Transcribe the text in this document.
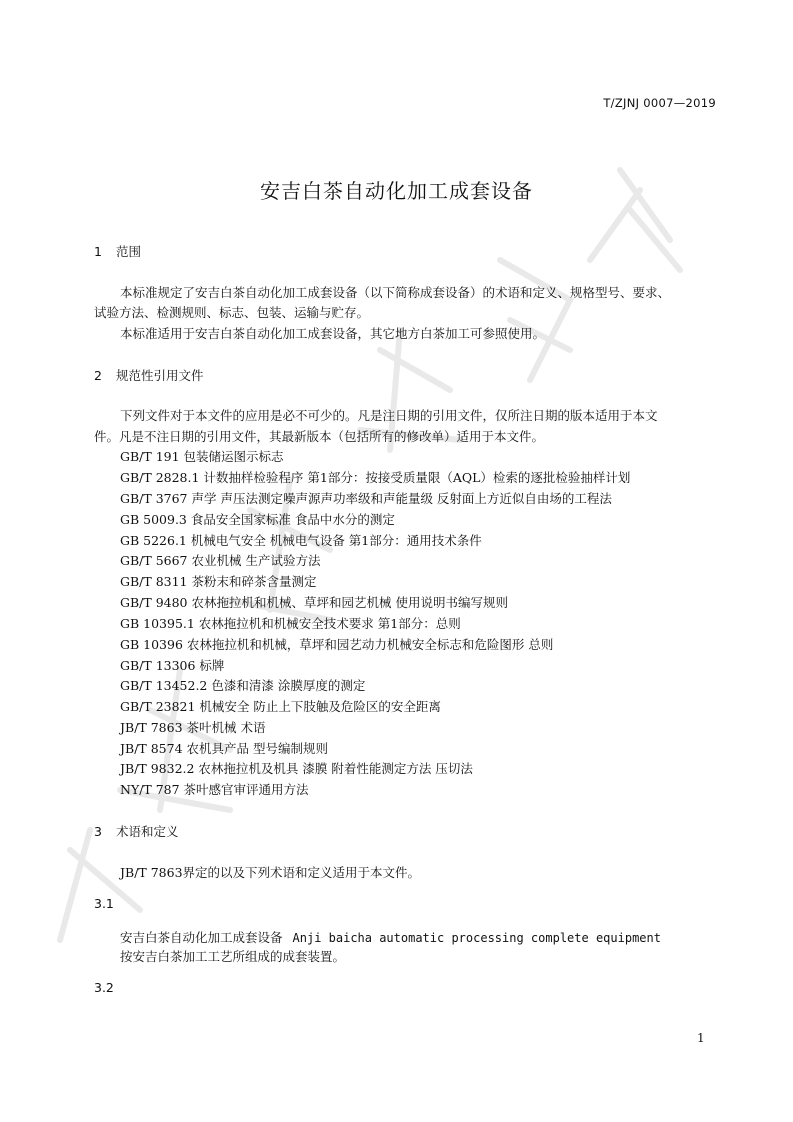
T/ZJNJ 0007—2019
安吉白茶自动化加工成套设备
1 范围
本标准规定了安吉白茶自动化加工成套设备（以下简称成套设备）的术语和定义、规格型号、要求、
试验方法、检测规则、标志、包装、运输与贮存。
本标准适用于安吉白茶自动化加工成套设备，其它地方白茶加工可参照使用。
2 规范性引用文件
下列文件对于本文件的应用是必不可少的。凡是注日期的引用文件，仅所注日期的版本适用于本文
件。凡是不注日期的引用文件，其最新版本（包括所有的修改单）适用于本文件。
GB/T 191 包装储运图示标志
GB/T 2828.1 计数抽样检验程序 第1部分：按接受质量限（AQL）检索的逐批检验抽样计划
GB/T 3767 声学 声压法测定噪声源声功率级和声能量级 反射面上方近似自由场的工程法
GB 5009.3 食品安全国家标准 食品中水分的测定
GB 5226.1 机械电气安全 机械电气设备 第1部分：通用技术条件
GB/T 5667 农业机械 生产试验方法
GB/T 8311 茶粉末和碎茶含量测定
GB/T 9480 农林拖拉机和机械、草坪和园艺机械 使用说明书编写规则
GB 10395.1 农林拖拉机和机械安全技术要求 第1部分：总则
GB 10396 农林拖拉机和机械，草坪和园艺动力机械安全标志和危险图形 总则
GB/T 13306 标牌
GB/T 13452.2 色漆和清漆 涂膜厚度的测定
GB/T 23821 机械安全 防止上下肢触及危险区的安全距离
JB/T 7863 茶叶机械 术语
JB/T 8574 农机具产品 型号编制规则
JB/T 9832.2 农林拖拉机及机具 漆膜 附着性能测定方法 压切法
NY/T 787 茶叶感官审评通用方法
3 术语和定义
JB/T 7863界定的以及下列术语和定义适用于本文件。
3.1
安吉白茶自动化加工成套设备 Anji baicha automatic processing complete equipment
按安吉白茶加工工艺所组成的成套装置。
3.2
1
